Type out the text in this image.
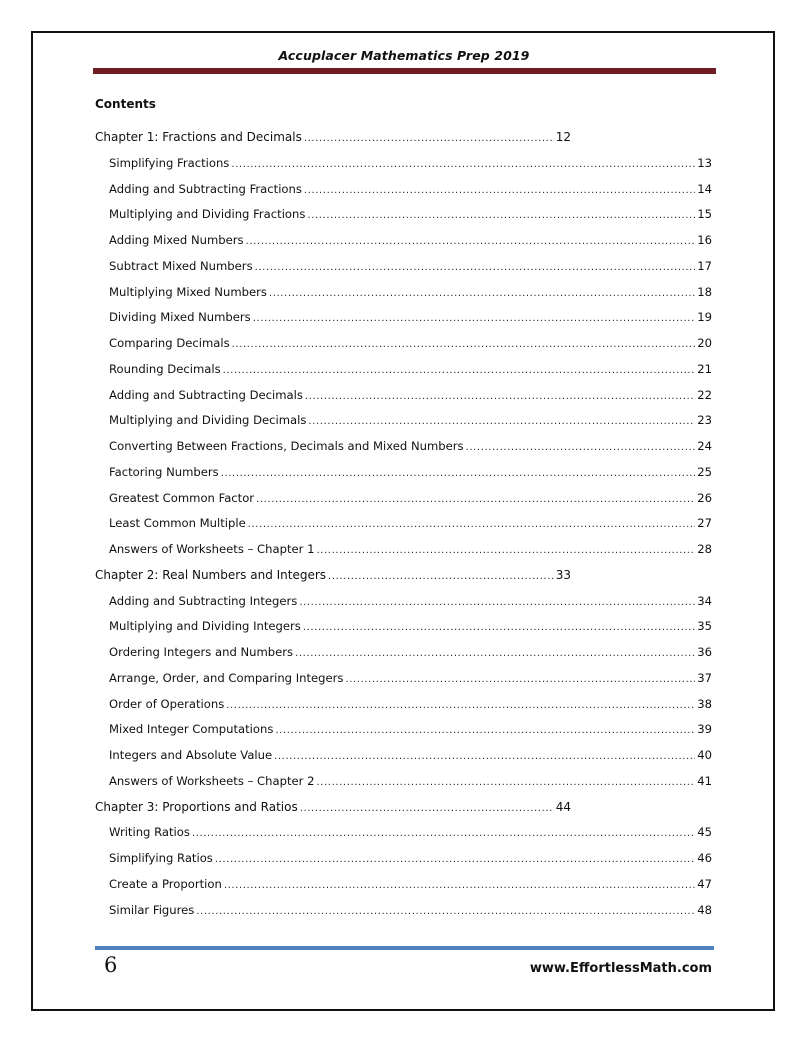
Accuplacer Mathematics Prep 2019
Contents
Chapter 1: Fractions and Decimals .....	12
Simplifying Fractions .....	13
Adding and Subtracting Fractions .....	14
Multiplying and Dividing Fractions .....	15
Adding Mixed Numbers .....	16
Subtract Mixed Numbers .....	17
Multiplying Mixed Numbers .....	18
Dividing Mixed Numbers .....	19
Comparing Decimals .....	20
Rounding Decimals .....	21
Adding and Subtracting Decimals .....	22
Multiplying and Dividing Decimals .....	23
Converting Between Fractions, Decimals and Mixed Numbers .....	24
Factoring Numbers .....	25
Greatest Common Factor .....	26
Least Common Multiple .....	27
Answers of Worksheets – Chapter 1 .....	28
Chapter 2: Real Numbers and Integers .....	33
Adding and Subtracting Integers .....	34
Multiplying and Dividing Integers .....	35
Ordering Integers and Numbers .....	36
Arrange, Order, and Comparing Integers .....	37
Order of Operations .....	38
Mixed Integer Computations .....	39
Integers and Absolute Value .....	40
Answers of Worksheets – Chapter 2 .....	41
Chapter 3: Proportions and Ratios .....	44
Writing Ratios .....	45
Simplifying Ratios .....	46
Create a Proportion .....	47
Similar Figures .....	48
6	www.EffortlessMath.com
